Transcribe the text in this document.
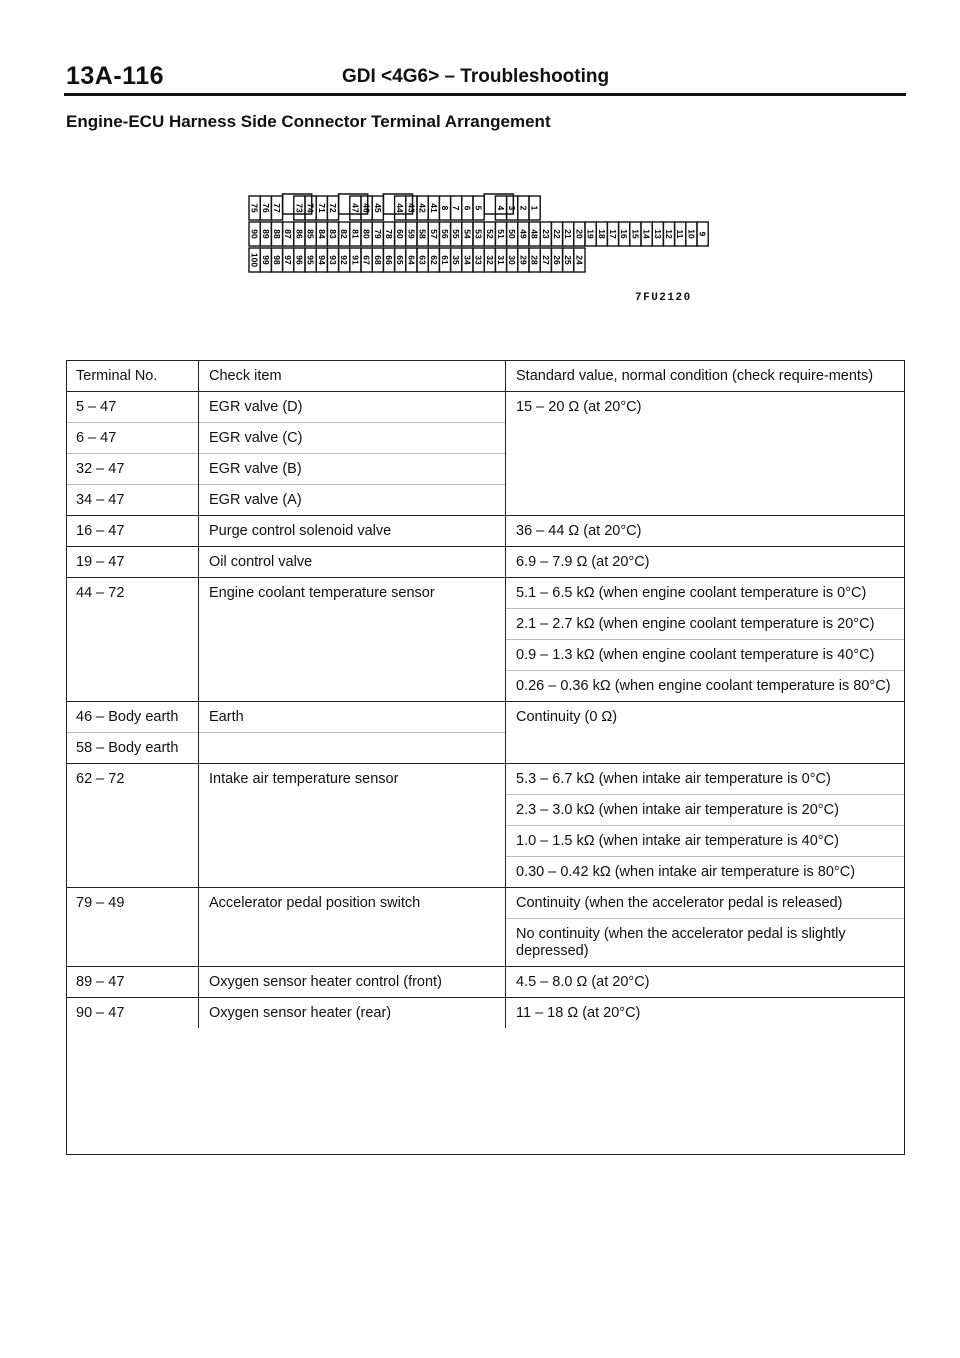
13A-116	GDI <4G6> – Troubleshooting
Engine-ECU Harness Side Connector Terminal Arrangement
75 76 77 73 74 71 72 47 46 45 44 43 42 41 8 7 6 5 4 3 2 1
90 89 88 87 86 85 84 83 82 81 80 79 78 60 59 58 57 56 55 54 53 52 51 50 49 48 23 22 21 20 19 18 17 16 15 14 13 12 11 10 9
100 99 98 97 96 95 94 93 92 91 67 68 66 65 64 63 62 61 35 34 33 32 31 30 29 28 27 26 25 24
7FU2120
Terminal No.	Check item	Standard value, normal condition (check require-ments)
5 – 47	EGR valve (D)	15 – 20 Ω (at 20°C)
6 – 47	EGR valve (C)	
32 – 47	EGR valve (B)	
34 – 47	EGR valve (A)	
16 – 47	Purge control solenoid valve	36 – 44 Ω (at 20°C)
19 – 47	Oil control valve	6.9 – 7.9 Ω (at 20°C)
44 – 72	Engine coolant temperature sensor	5.1 – 6.5 kΩ (when engine coolant temperature is 0°C)
		2.1 – 2.7 kΩ (when engine coolant temperature is 20°C)
		0.9 – 1.3 kΩ (when engine coolant temperature is 40°C)
		0.26 – 0.36 kΩ (when engine coolant temperature is 80°C)
46 – Body earth	Earth	Continuity (0 Ω)
58 – Body earth		
62 – 72	Intake air temperature sensor	5.3 – 6.7 kΩ (when intake air temperature is 0°C)
		2.3 – 3.0 kΩ (when intake air temperature is 20°C)
		1.0 – 1.5 kΩ (when intake air temperature is 40°C)
		0.30 – 0.42 kΩ (when intake air temperature is 80°C)
79 – 49	Accelerator pedal position switch	Continuity (when the accelerator pedal is released)
		No continuity (when the accelerator pedal is slightly depressed)
89 – 47	Oxygen sensor heater control (front)	4.5 – 8.0 Ω (at 20°C)
90 – 47	Oxygen sensor heater (rear)	11 – 18 Ω (at 20°C)
